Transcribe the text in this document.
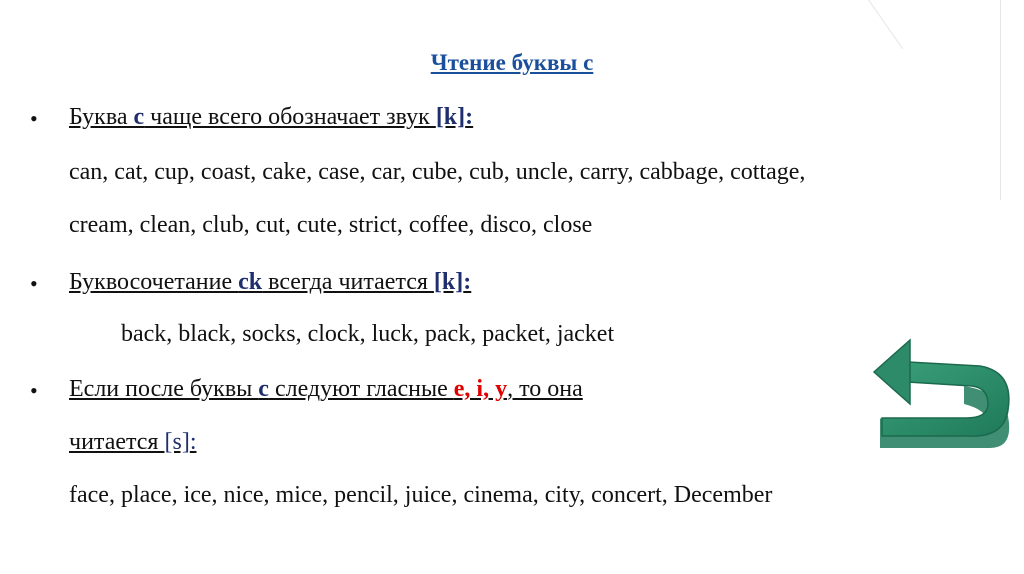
Чтение буквы с
• Буква с чаще всего обозначает звук [k]:
can, cat, cup, coast, cake, case, car, cube, cub, uncle, carry, cabbage, cottage,
cream, clean, club, cut, cute, strict, coffee, disco, close
• Буквосочетание ck всегда читается [k]:
back, black, socks, clock, luck, pack, packet, jacket
• Если после буквы с следуют гласные e, i, y, то она
читается [s]:
face, place, ice, nice, mice, pencil, juice, cinema, city, concert, December
